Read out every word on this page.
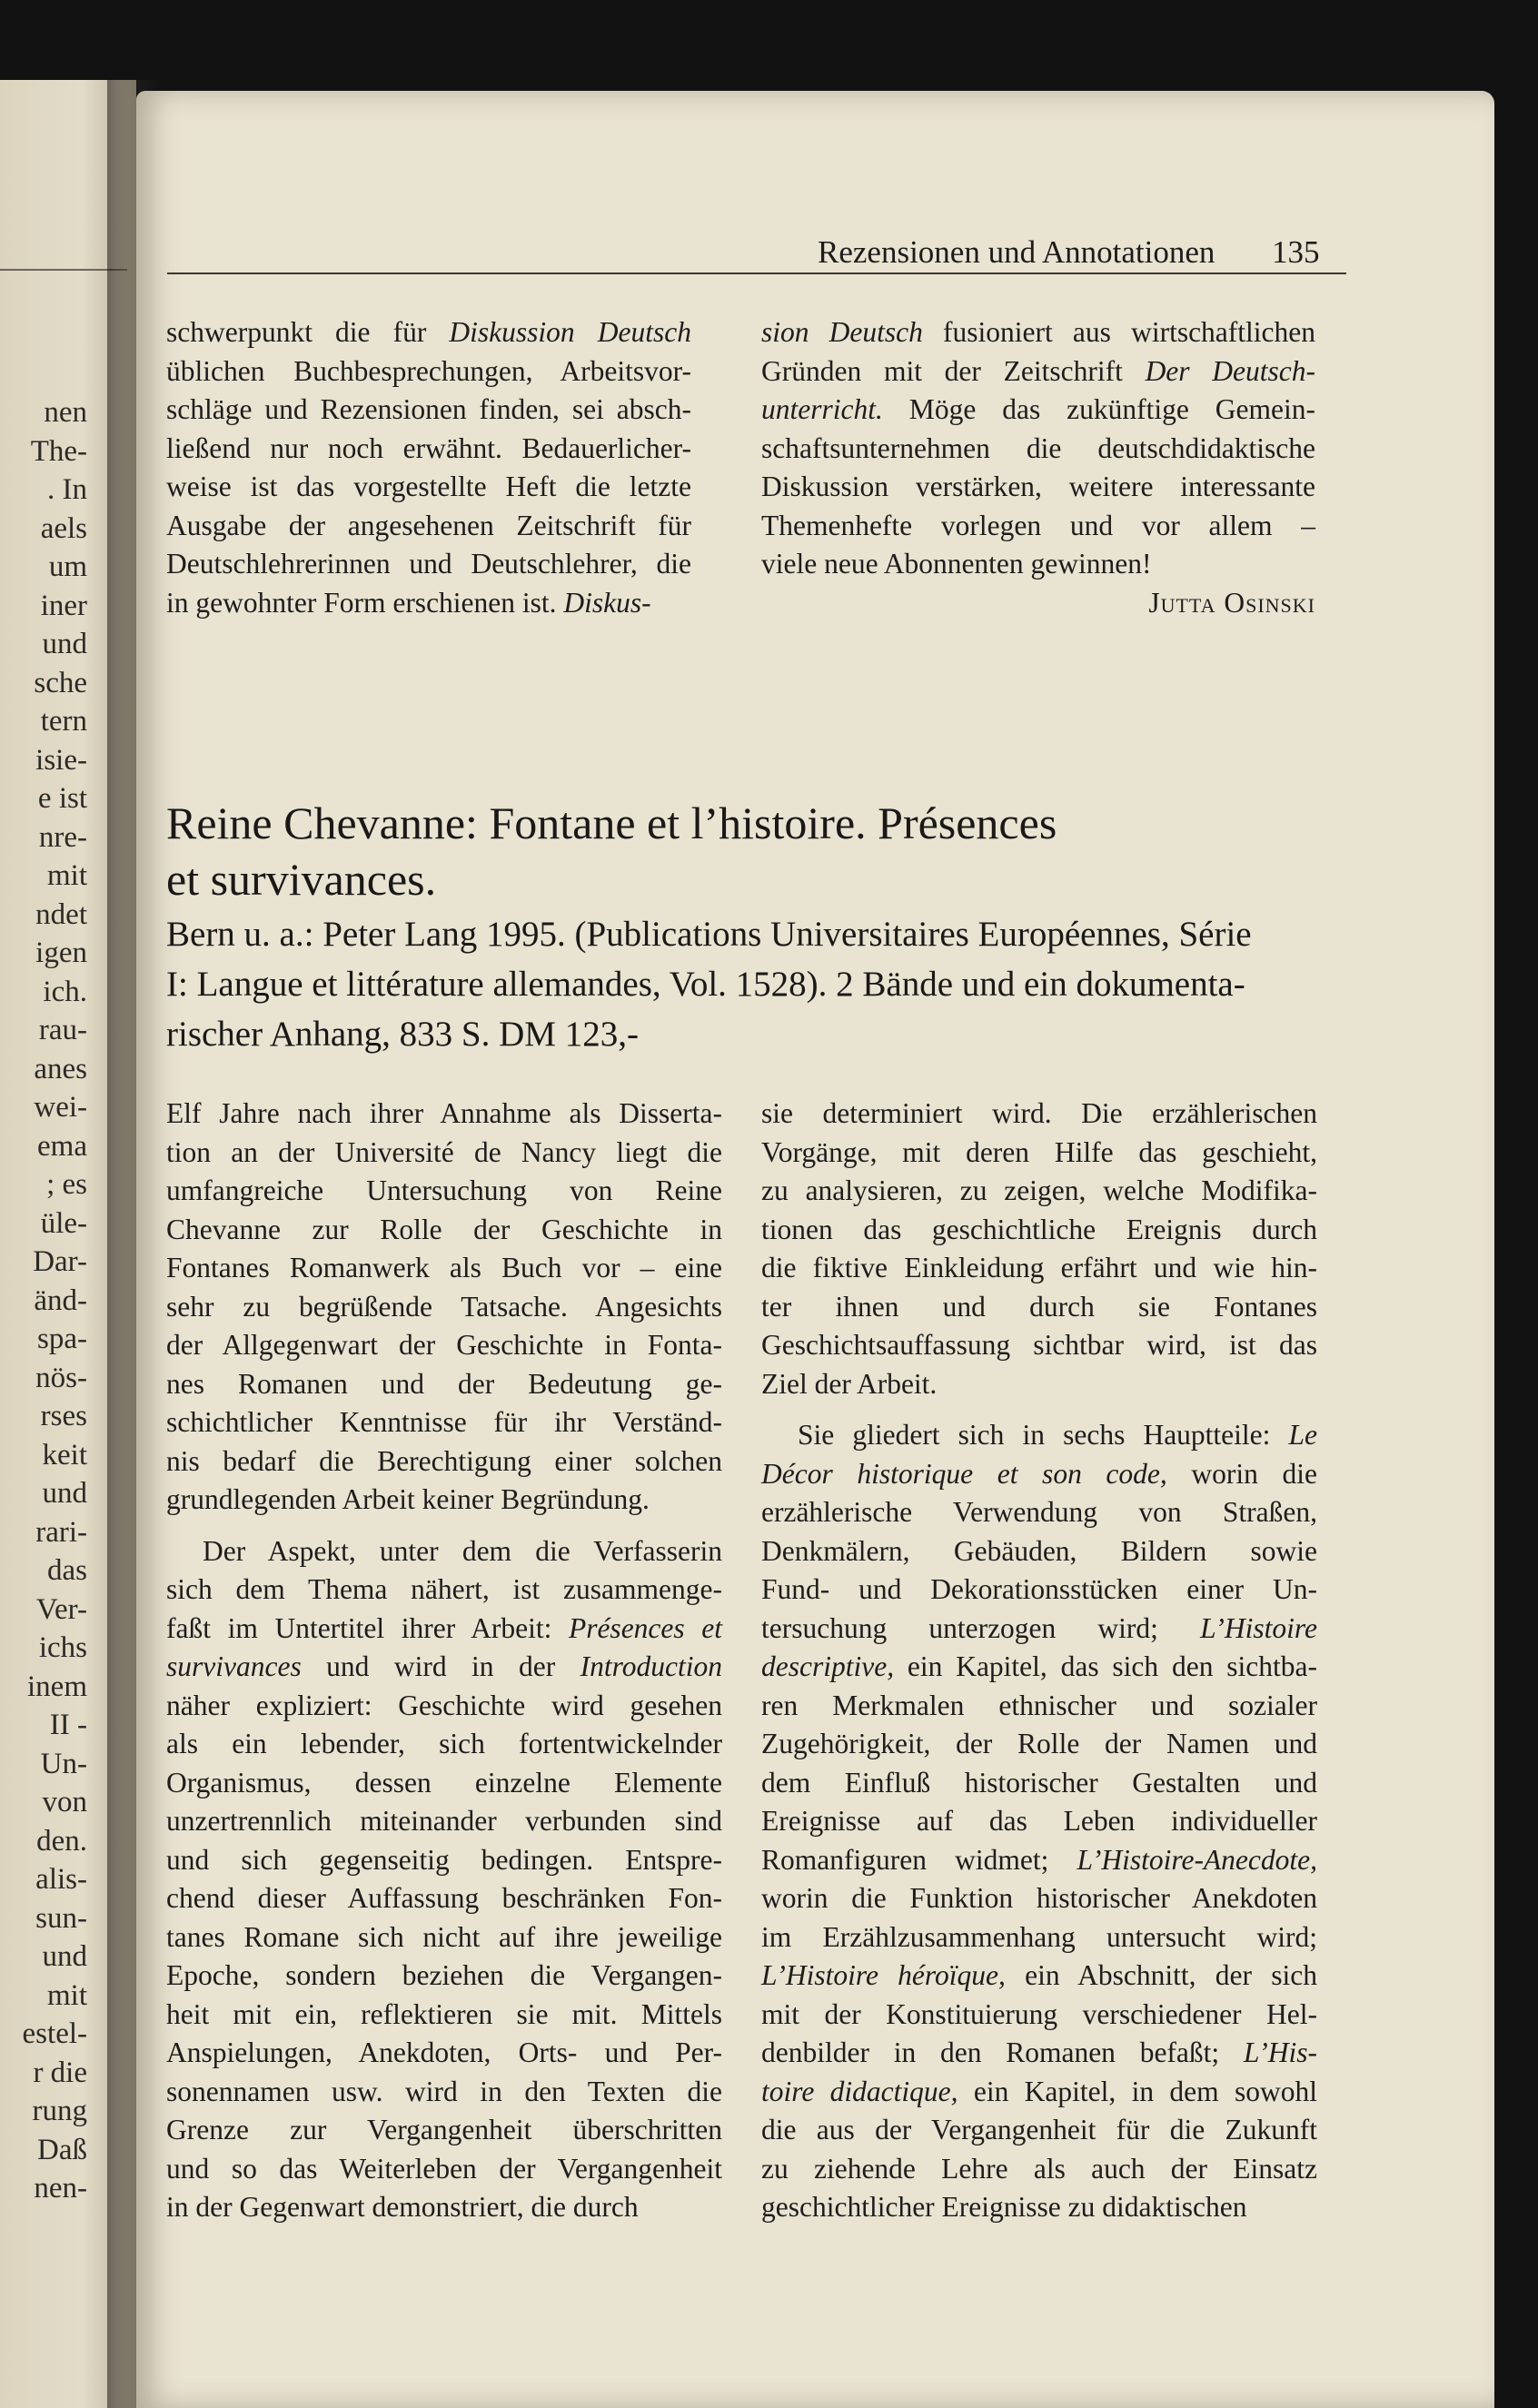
nen
The-
. In
aels
um
iner
und
sche
tern
isie-
e ist
nre-
mit
ndet
igen
ich.
rau-
anes
wei-
ema
; es
üle-
Dar-
änd-
spa-
nös-
rses
keit
und
rari-
das
Ver-
ichs
inem
II -
Un-
von
den.
alis-
sun-
und
mit
estel-
r die
rung
Daß
nen-
Rezensionen und Annotationen 135
schwerpunkt die für Diskussion Deutsch
üblichen Buchbesprechungen, Arbeitsvor-
schläge und Rezensionen finden, sei absch-
ließend nur noch erwähnt. Bedauerlicher-
weise ist das vorgestellte Heft die letzte
Ausgabe der angesehenen Zeitschrift für
Deutschlehrerinnen und Deutschlehrer, die
in gewohnter Form erschienen ist. Diskus-
sion Deutsch fusioniert aus wirtschaftlichen
Gründen mit der Zeitschrift Der Deutsch-
unterricht. Möge das zukünftige Gemein-
schaftsunternehmen die deutschdidaktische
Diskussion verstärken, weitere interessante
Themenhefte vorlegen und vor allem –
viele neue Abonnenten gewinnen!
Jutta Osinski
Reine Chevanne: Fontane et l’histoire. Présences
et survivances.
Bern u. a.: Peter Lang 1995. (Publications Universitaires Européennes, Série
I: Langue et littérature allemandes, Vol. 1528). 2 Bände und ein dokumenta-
rischer Anhang, 833 S. DM 123,-
Elf Jahre nach ihrer Annahme als Disserta-
tion an der Université de Nancy liegt die
umfangreiche Untersuchung von Reine
Chevanne zur Rolle der Geschichte in
Fontanes Romanwerk als Buch vor – eine
sehr zu begrüßende Tatsache. Angesichts
der Allgegenwart der Geschichte in Fonta-
nes Romanen und der Bedeutung ge-
schichtlicher Kenntnisse für ihr Verständ-
nis bedarf die Berechtigung einer solchen
grundlegenden Arbeit keiner Begründung.
Der Aspekt, unter dem die Verfasserin
sich dem Thema nähert, ist zusammenge-
faßt im Untertitel ihrer Arbeit: Présences et
survivances und wird in der Introduction
näher expliziert: Geschichte wird gesehen
als ein lebender, sich fortentwickelnder
Organismus, dessen einzelne Elemente
unzertrennlich miteinander verbunden sind
und sich gegenseitig bedingen. Entspre-
chend dieser Auffassung beschränken Fon-
tanes Romane sich nicht auf ihre jeweilige
Epoche, sondern beziehen die Vergangen-
heit mit ein, reflektieren sie mit. Mittels
Anspielungen, Anekdoten, Orts- und Per-
sonennamen usw. wird in den Texten die
Grenze zur Vergangenheit überschritten
und so das Weiterleben der Vergangenheit
in der Gegenwart demonstriert, die durch
sie determiniert wird. Die erzählerischen
Vorgänge, mit deren Hilfe das geschieht,
zu analysieren, zu zeigen, welche Modifika-
tionen das geschichtliche Ereignis durch
die fiktive Einkleidung erfährt und wie hin-
ter ihnen und durch sie Fontanes
Geschichtsauffassung sichtbar wird, ist das
Ziel der Arbeit.
Sie gliedert sich in sechs Hauptteile: Le
Décor historique et son code, worin die
erzählerische Verwendung von Straßen,
Denkmälern, Gebäuden, Bildern sowie
Fund- und Dekorationsstücken einer Un-
tersuchung unterzogen wird; L’Histoire
descriptive, ein Kapitel, das sich den sichtba-
ren Merkmalen ethnischer und sozialer
Zugehörigkeit, der Rolle der Namen und
dem Einfluß historischer Gestalten und
Ereignisse auf das Leben individueller
Romanfiguren widmet; L’Histoire-Anecdote,
worin die Funktion historischer Anekdoten
im Erzählzusammenhang untersucht wird;
L’Histoire héroïque, ein Abschnitt, der sich
mit der Konstituierung verschiedener Hel-
denbilder in den Romanen befaßt; L’His-
toire didactique, ein Kapitel, in dem sowohl
die aus der Vergangenheit für die Zukunft
zu ziehende Lehre als auch der Einsatz
geschichtlicher Ereignisse zu didaktischen
